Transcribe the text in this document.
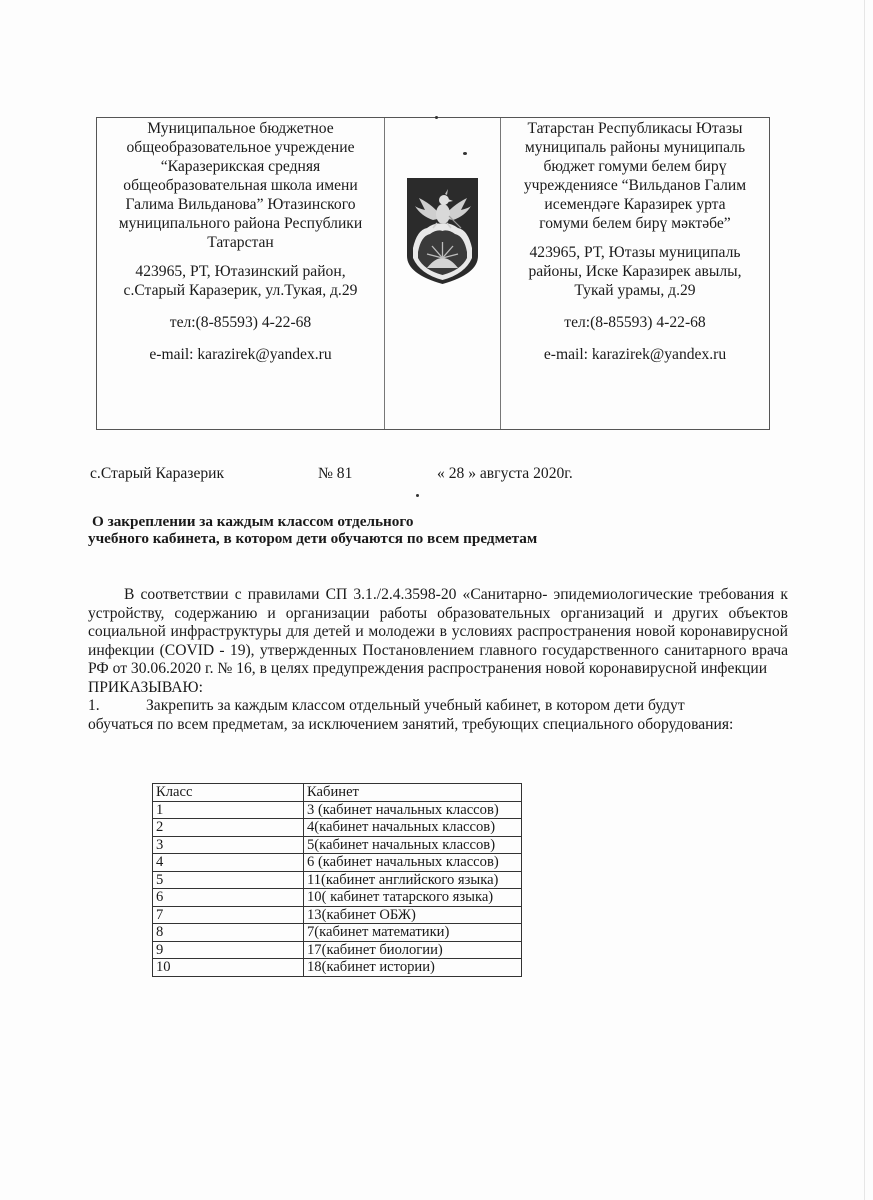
Муниципальное бюджетное
общеобразовательное учреждение
“Каразерикская средняя
общеобразовательная школа имени
Галима Вильданова” Ютазинского
муниципального района Республики
Татарстан

423965, РТ, Ютазинский район,
с.Старый Каразерик, ул.Тукая, д.29

тел:(8-85593) 4-22-68

e-mail: karazirek@yandex.ru

Татарстан Республикасы Ютазы
муниципаль районы муниципаль
бюджет гомуми белем бирү
учреждениясе “Вильданов Галим
исемендәге Каразирек урта
гомуми белем бирү мәктәбе”

423965, РТ, Ютазы муниципаль
районы, Иске Каразирек авылы,
Тукай урамы, д.29

тел:(8-85593) 4-22-68

e-mail: karazirek@yandex.ru

с.Старый Каразерик	№ 81	« 28 » августа 2020г.
О закреплении за каждым классом отдельного
учебного кабинета, в котором дети обучаются по всем предметам

В соответствии с правилами СП 3.1./2.4.3598-20 «Санитарно- эпидемиологические требования к устройству, содержанию и организации работы образовательных организаций и других объектов социальной инфраструктуры для детей и молодежи в условиях распространения новой коронавирусной инфекции (COVID - 19), утвержденных Постановлением главного государственного санитарного врача РФ от 30.06.2020 г. № 16, в целях предупреждения распространения новой коронавирусной инфекции

ПРИКАЗЫВАЮ:

1.	Закрепить за каждым классом отдельный учебный кабинет, в котором дети будут
обучаться по всем предметам, за исключением занятий, требующих специального оборудования:

Класс	Кабинет
1	3 (кабинет начальных классов)
2	4(кабинет начальных классов)
3	5(кабинет начальных классов)
4	6 (кабинет начальных классов)
5	11(кабинет английского языка)
6	10( кабинет татарского языка)
7	13(кабинет ОБЖ)
8	7(кабинет математики)
9	17(кабинет биологии)
10	18(кабинет истории)
